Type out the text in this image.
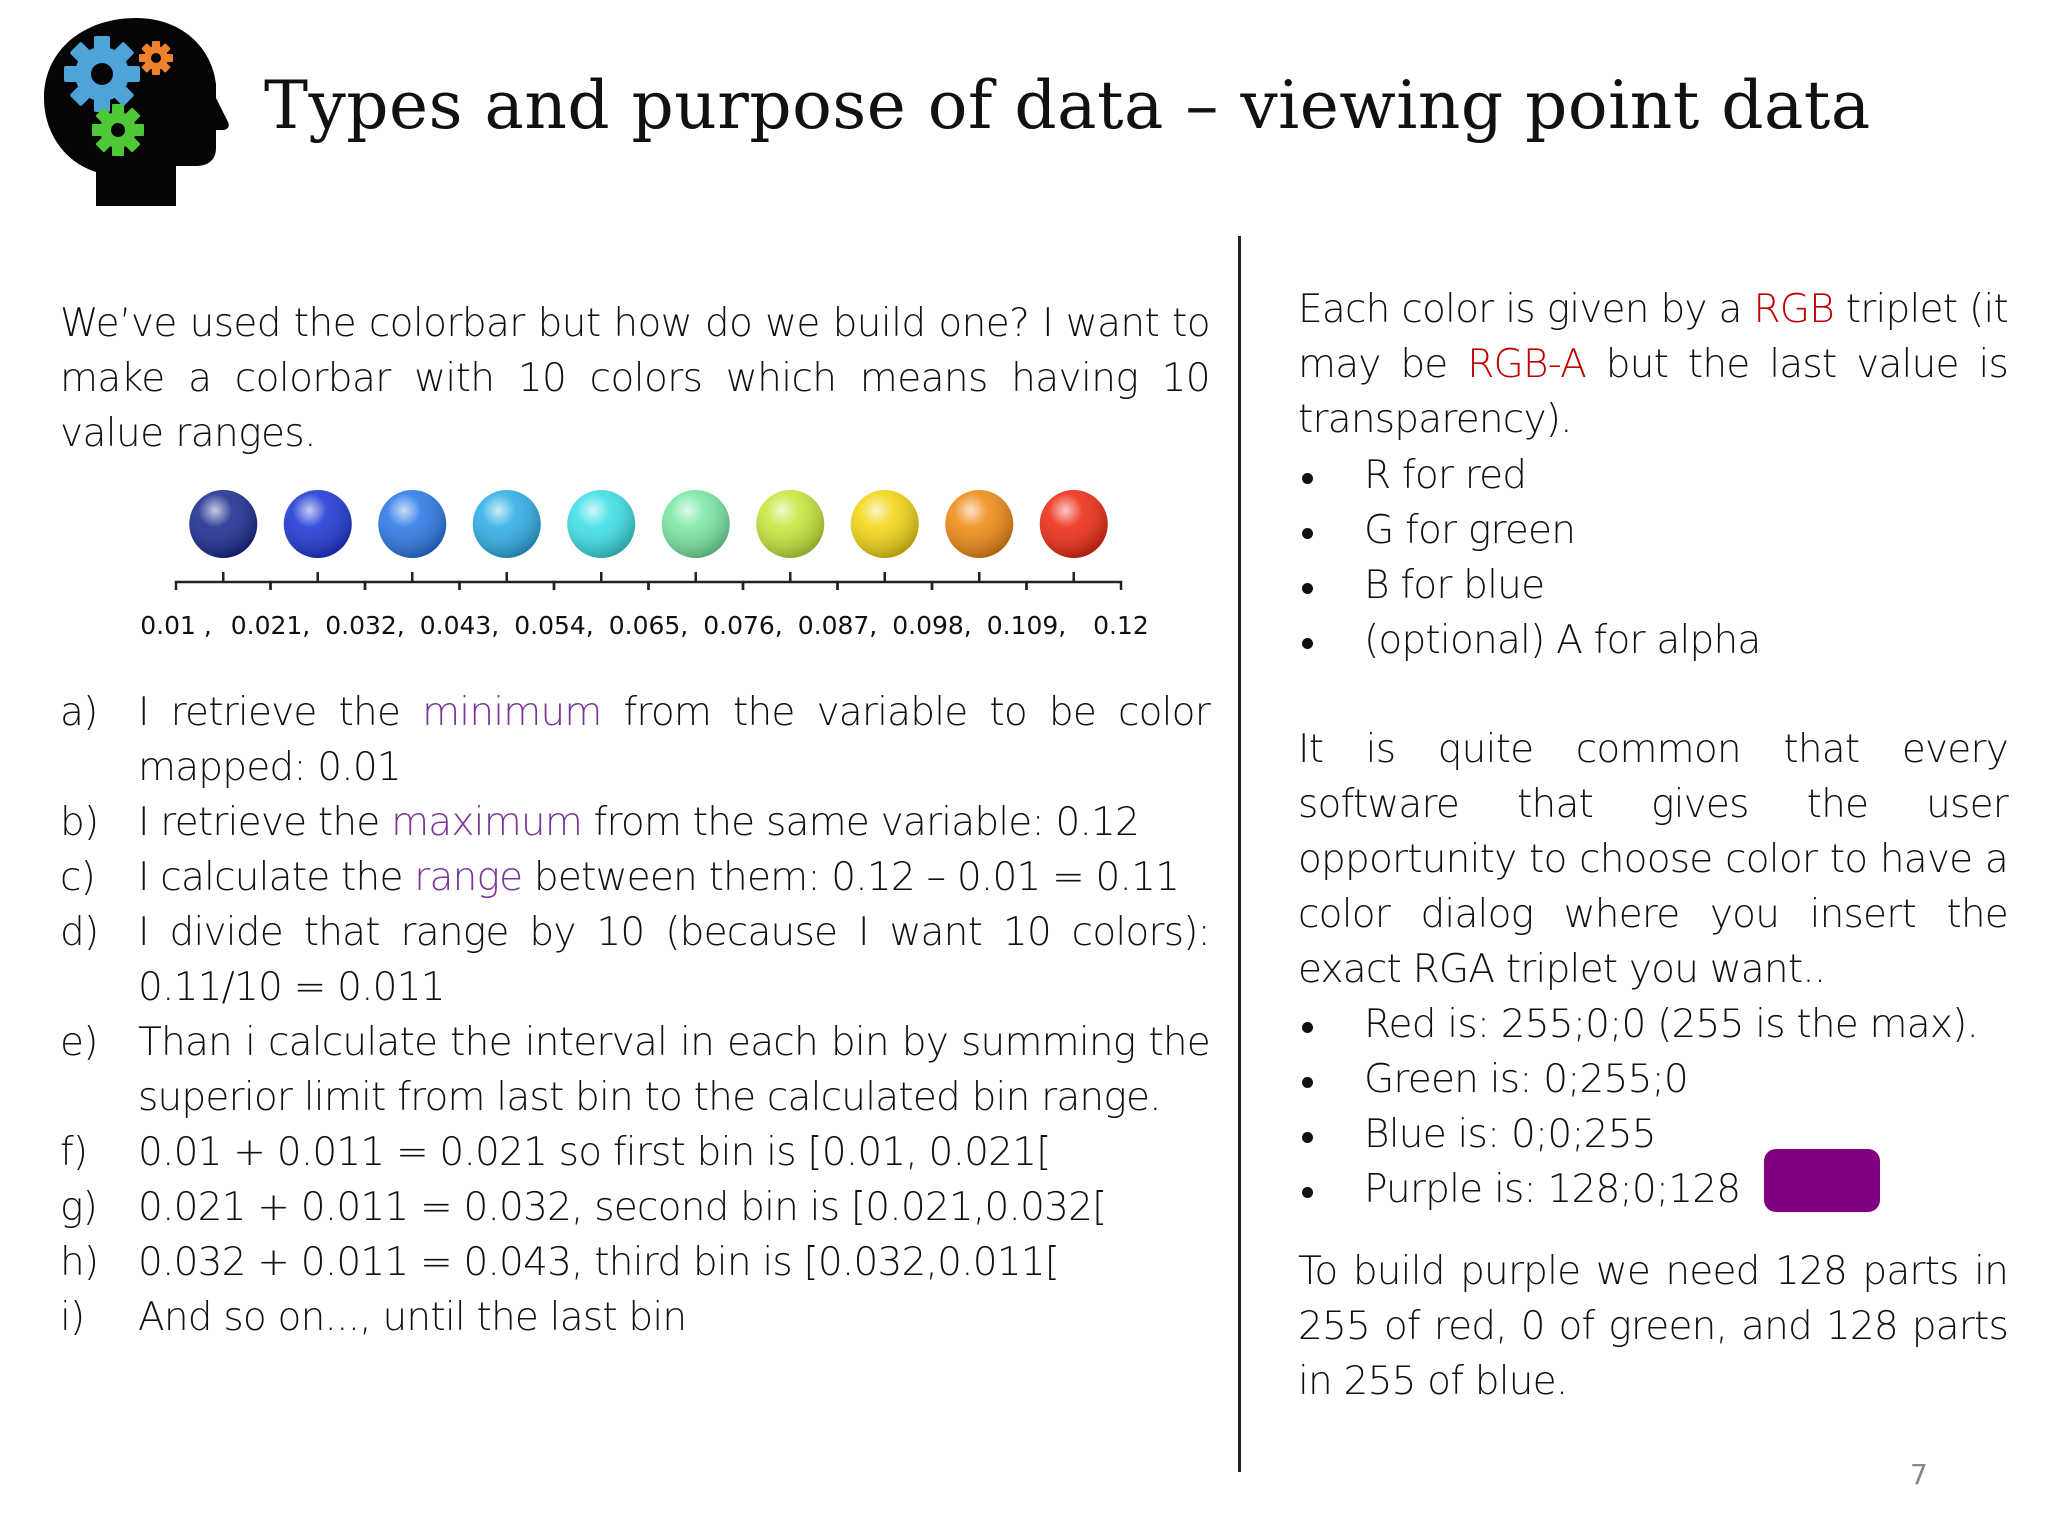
Types and purpose of data – viewing point data
We’ve used the colorbar but how do we build one? I want to make a colorbar with 10 colors which means having 10 value ranges.
0.01 , 0.021, 0.032, 0.043, 0.054, 0.065, 0.076, 0.087, 0.098, 0.109, 0.12
a)	I retrieve the minimum from the variable to be color mapped: 0.01
b)	I retrieve the maximum from the same variable: 0.12
c)	I calculate the range between them: 0.12 – 0.01 = 0.11
d)	I divide that range by 10 (because I want 10 colors): 0.11/10 = 0.011
e)	Than i calculate the interval in each bin by summing the superior limit from last bin to the calculated bin range.
f)	0.01 + 0.011 = 0.021 so first bin is [0.01, 0.021[
g)	0.021 + 0.011 = 0.032, second bin is [0.021,0.032[
h)	0.032 + 0.011 = 0.043, third bin is [0.032,0.011[
i)	And so on..., until the last bin
Each color is given by a RGB triplet (it may be RGB-A but the last value is transparency).
R for red
G for green
B for blue
(optional) A for alpha
It is quite common that every software that gives the user opportunity to choose color to have a color dialog where you insert the exact RGA triplet you want..
Red is: 255;0;0 (255 is the max).
Green is: 0;255;0
Blue is: 0;0;255
Purple is: 128;0;128
To build purple we need 128 parts in 255 of red, 0 of green, and 128 parts in 255 of blue.
7
